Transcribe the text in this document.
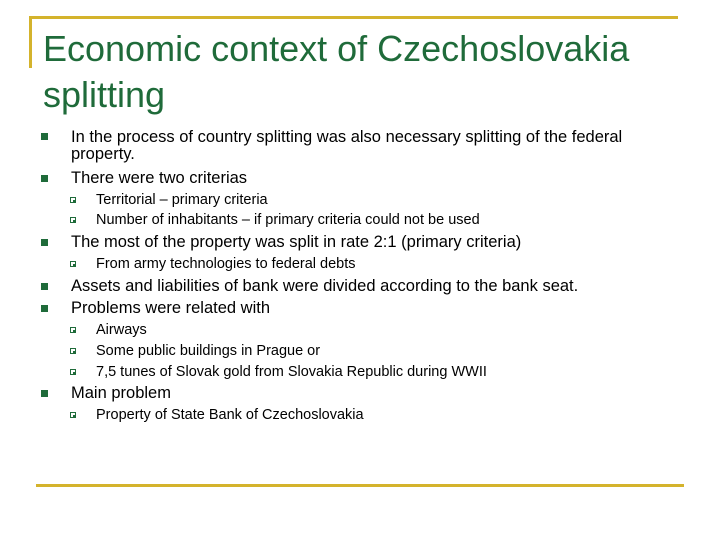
Economic context of Czechoslovakia splitting
In the process of country splitting was also necessary splitting of the federal property.
There were two criterias
Territorial – primary criteria
Number of inhabitants – if primary criteria could not be used
The most of the property was split in rate 2:1 (primary criteria)
From army technologies to federal debts
Assets and liabilities of bank were divided according to the bank seat.
Problems were related with
Airways
Some public buildings in Prague or
7,5 tunes of Slovak gold from Slovakia Republic during WWII
Main problem
Property of State Bank of Czechoslovakia
